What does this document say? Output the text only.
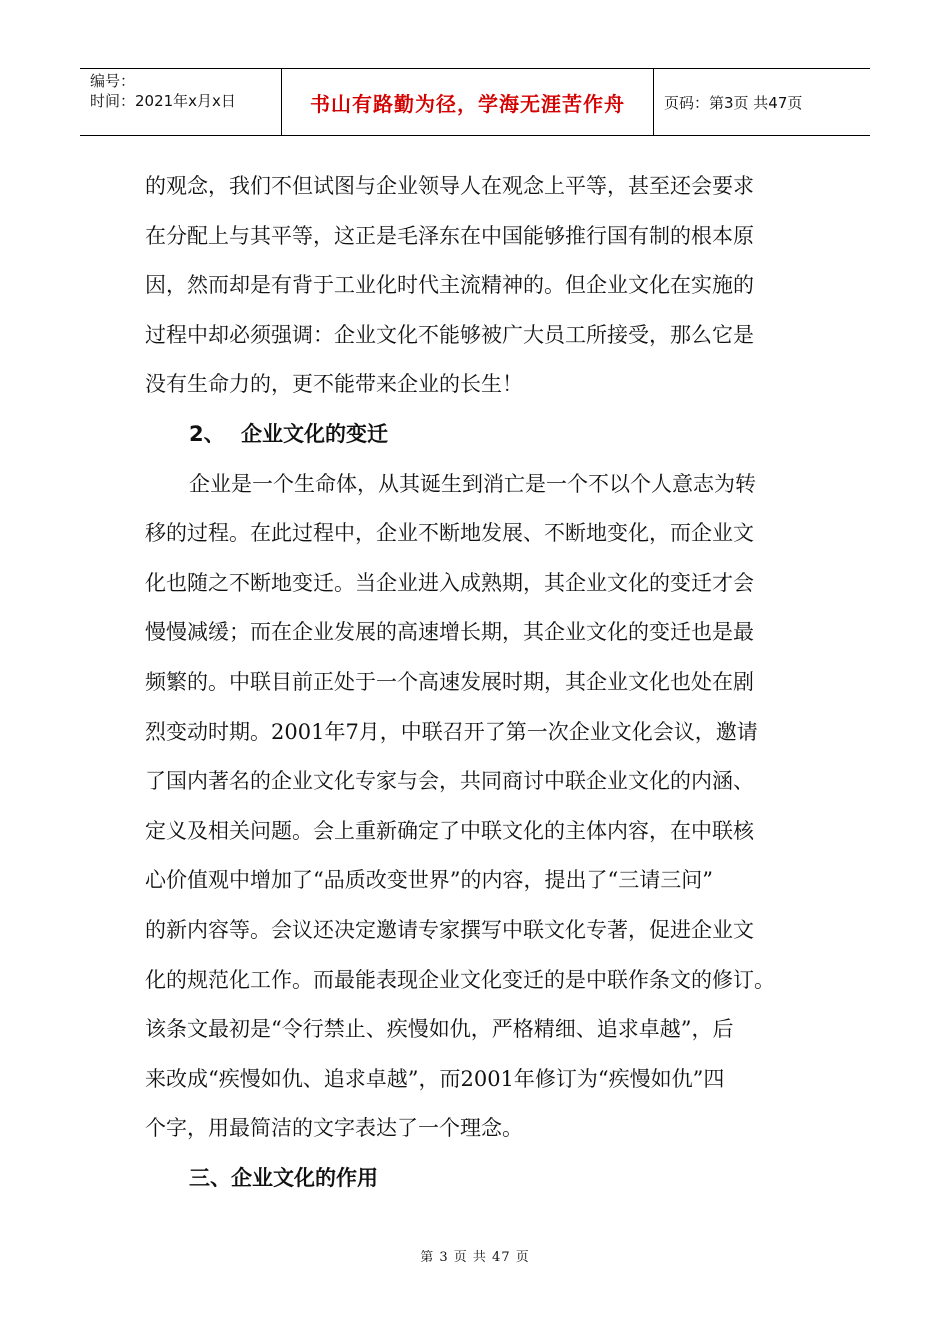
编号：
时间：2021年x月x日	书山有路勤为径，学海无涯苦作舟	页码：第3页 共47页
的观念，我们不但试图与企业领导人在观念上平等，甚至还会要求
在分配上与其平等，这正是毛泽东在中国能够推行国有制的根本原
因，然而却是有背于工业化时代主流精神的。但企业文化在实施的
过程中却必须强调：企业文化不能够被广大员工所接受，那么它是
没有生命力的，更不能带来企业的长生！
2、 企业文化的变迁
企业是一个生命体，从其诞生到消亡是一个不以个人意志为转
移的过程。在此过程中，企业不断地发展、不断地变化，而企业文
化也随之不断地变迁。当企业进入成熟期，其企业文化的变迁才会
慢慢减缓；而在企业发展的高速增长期，其企业文化的变迁也是最
频繁的。中联目前正处于一个高速发展时期，其企业文化也处在剧
烈变动时期。2001年7月，中联召开了第一次企业文化会议，邀请
了国内著名的企业文化专家与会，共同商讨中联企业文化的内涵、
定义及相关问题。会上重新确定了中联文化的主体内容，在中联核
心价值观中增加了“品质改变世界”的内容，提出了“三请三问”
的新内容等。会议还决定邀请专家撰写中联文化专著，促进企业文
化的规范化工作。而最能表现企业文化变迁的是中联作条文的修订。
该条文最初是“令行禁止、疾慢如仇，严格精细、追求卓越”，后
来改成“疾慢如仇、追求卓越”，而2001年修订为“疾慢如仇”四
个字，用最简洁的文字表达了一个理念。
三、企业文化的作用
第 3 页 共 47 页
